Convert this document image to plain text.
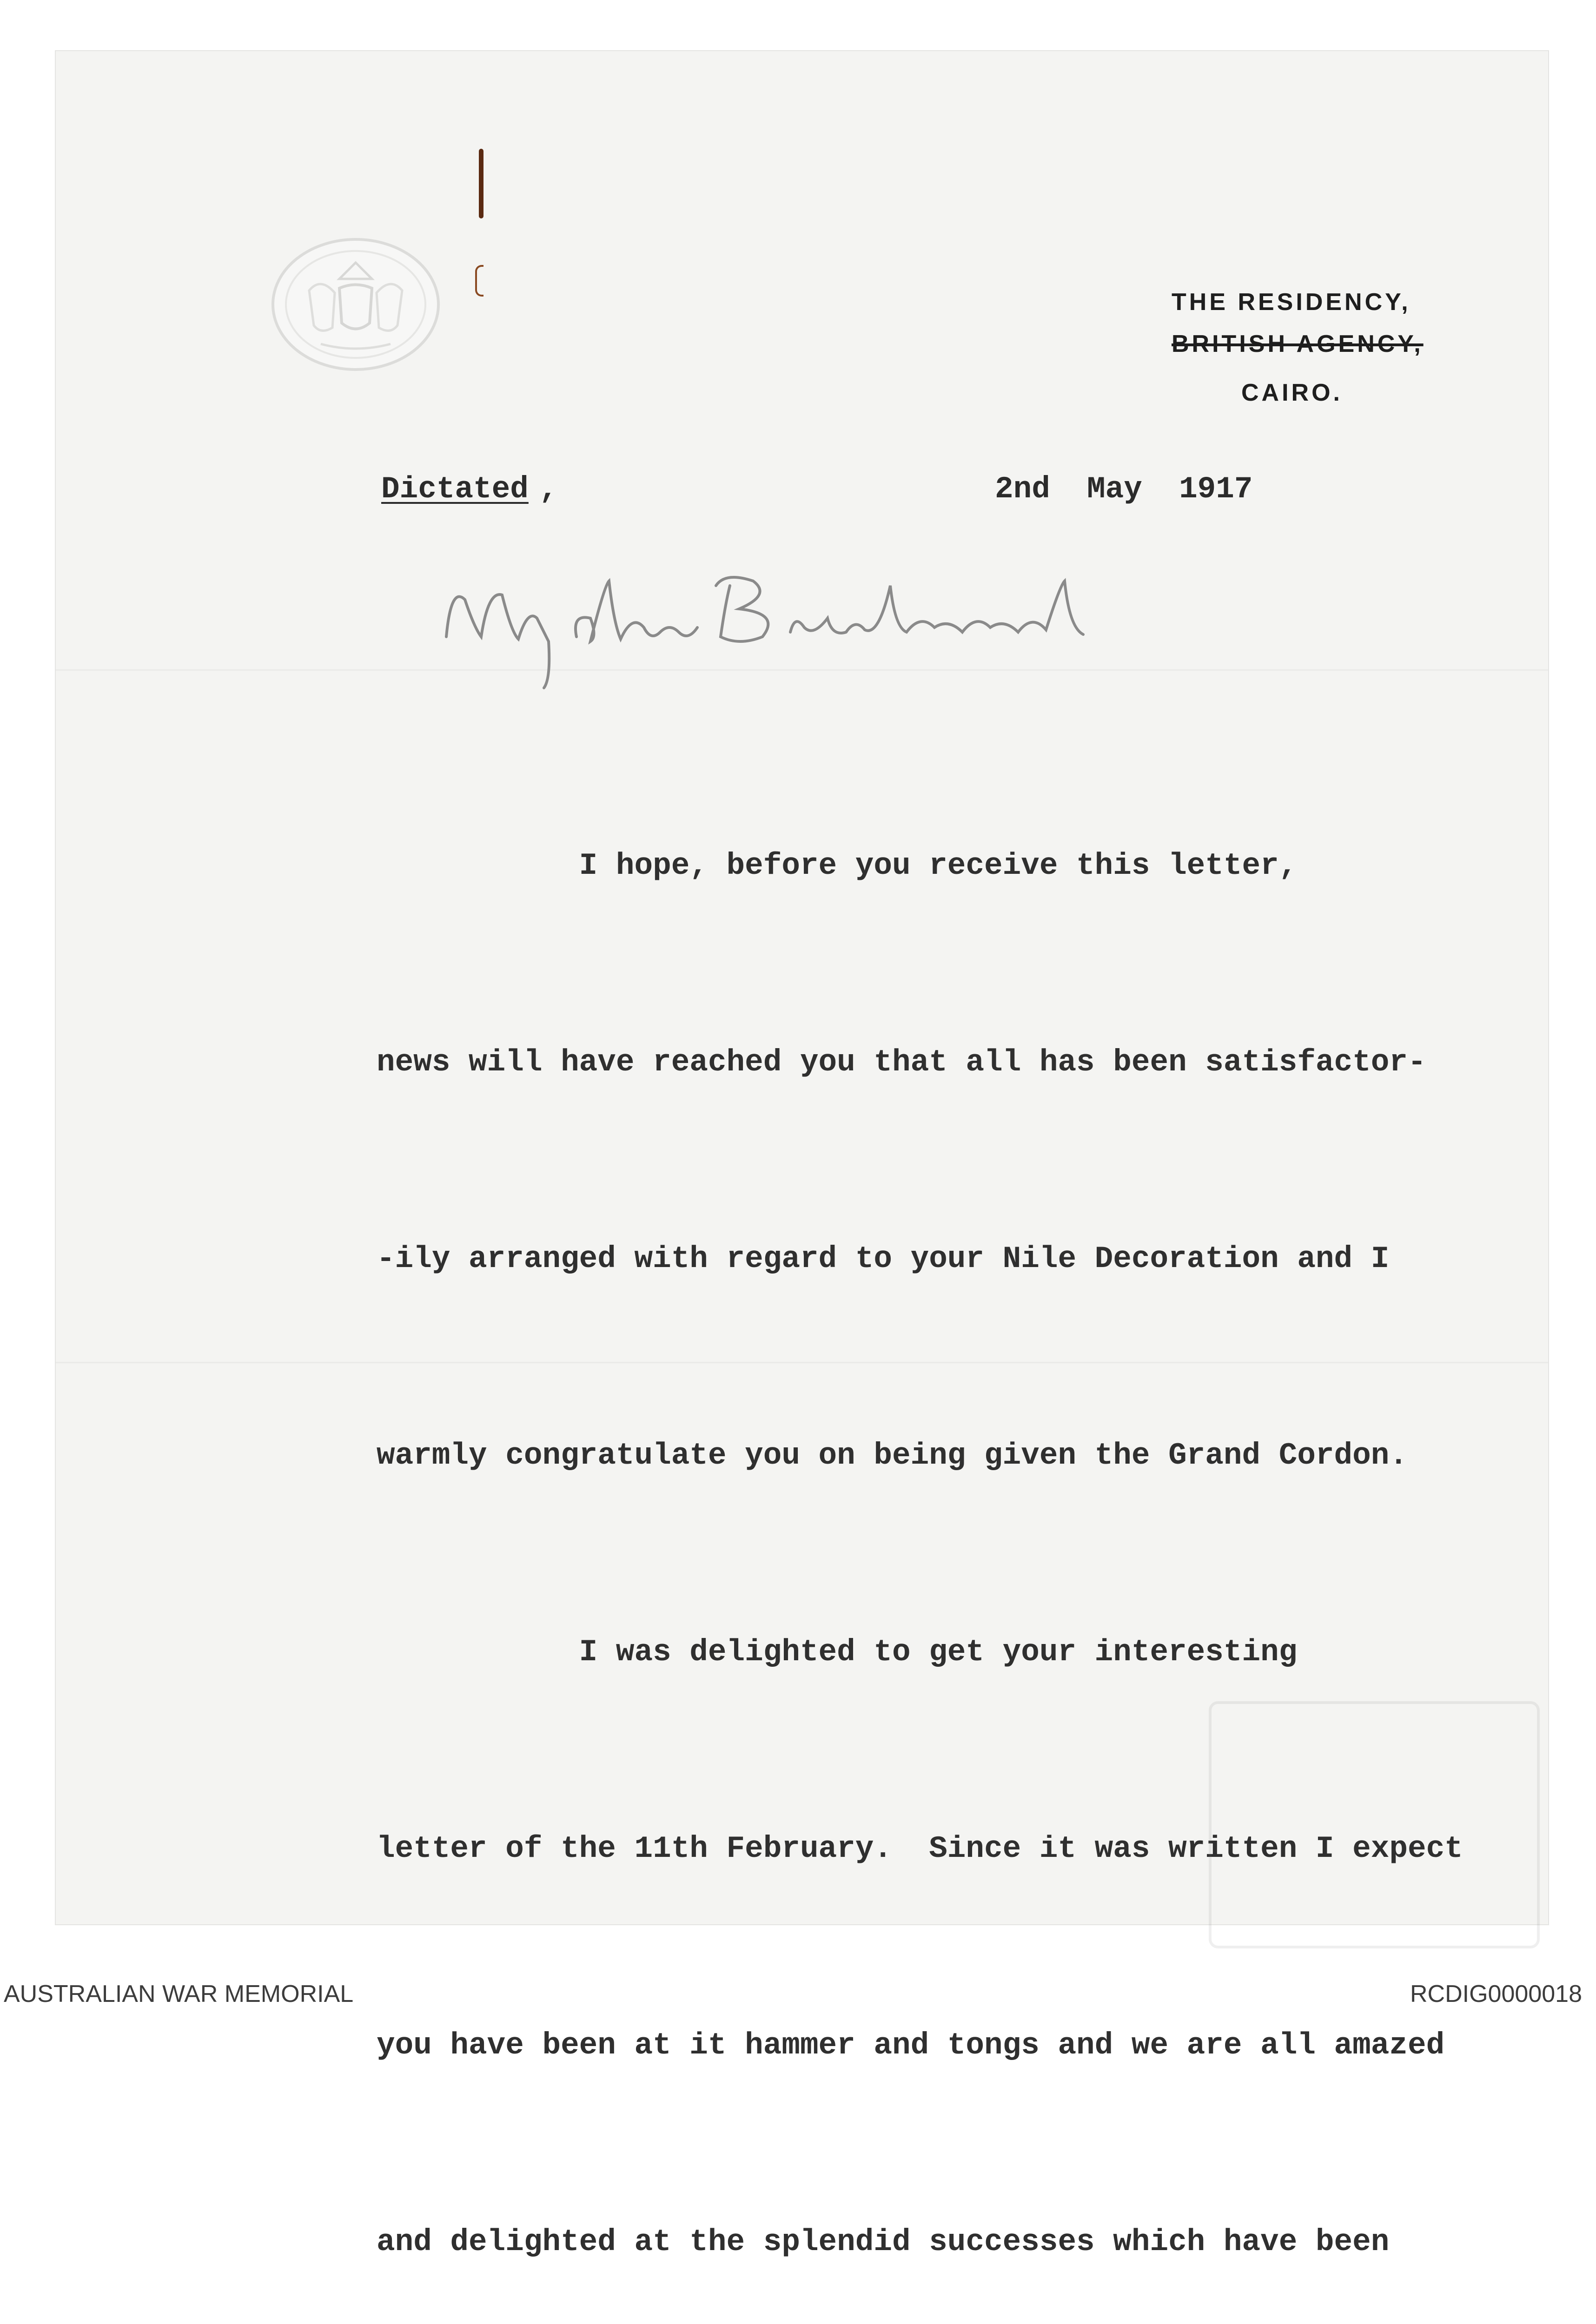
THE RESIDENCY,
BRITISH AGENCY,
CAIRO.
Dictated ,	2nd  May  1917
My dear Birdwood

I hope, before you receive this letter,

news will have reached you that all has been satisfactor-

-ily arranged with regard to your Nile Decoration and I

warmly congratulate you on being given the Grand Cordon.

I was delighted to get your interesting

letter of the 11th February.  Since it was written I expect

you have been at it hammer and tongs and we are all amazed

and delighted at the splendid successes which have been

AUSTRALIAN WAR MEMORIAL	RCDIG0000018
